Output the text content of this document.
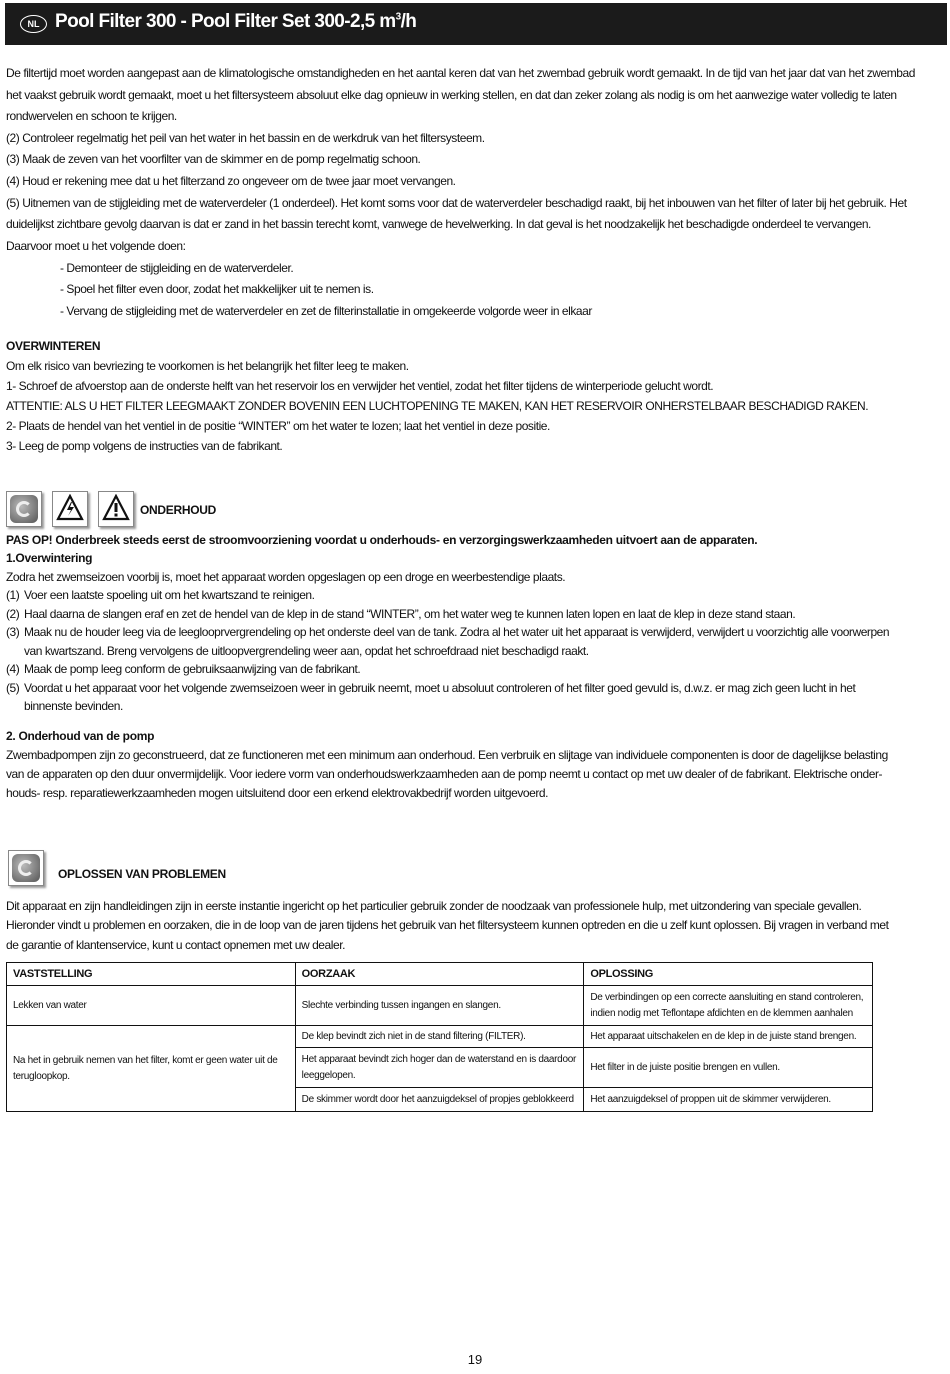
NL Pool Filter 300 - Pool Filter Set 300-2,5 $m^3/h$
De filtertijd moet worden aangepast aan de klimatologische omstandigheden en het aantal keren dat van het zwembad gebruik wordt gemaakt. In de tijd van het jaar dat van het zwembad
het vaakst gebruik wordt gemaakt, moet u het filtersysteem absoluut elke dag opnieuw in werking stellen, en dat dan zeker zolang als nodig is om het aanwezige water volledig te laten
rondwervelen en schoon te krijgen.
(2) Controleer regelmatig het peil van het water in het bassin en de werkdruk van het filtersysteem.
(3) Maak de zeven van het voorfilter van de skimmer en de pomp regelmatig schoon.
(4) Houd er rekening mee dat u het filterzand zo ongeveer om de twee jaar moet vervangen.
(5) Uitnemen van de stijgleiding met de waterverdeler (1 onderdeel). Het komt soms voor dat de waterverdeler beschadigd raakt, bij het inbouwen van het filter of later bij het gebruik. Het
duidelijkst zichtbare gevolg daarvan is dat er zand in het bassin terecht komt, vanwege de hevelwerking. In dat geval is het noodzakelijk het beschadigde onderdeel te vervangen.
Daarvoor moet u het volgende doen:
- Demonteer de stijgleiding en de waterverdeler.
- Spoel het filter even door, zodat het makkelijker uit te nemen is.
- Vervang de stijgleiding met de waterverdeler en zet de filterinstallatie in omgekeerde volgorde weer in elkaar
OVERWINTEREN
Om elk risico van bevriezing te voorkomen is het belangrijk het filter leeg te maken.
1- Schroef de afvoerstop aan de onderste helft van het reservoir los en verwijder het ventiel, zodat het filter tijdens de winterperiode gelucht wordt.
ATTENTIE: ALS U HET FILTER LEEGMAAKT ZONDER BOVENIN EEN LUCHTOPENING TE MAKEN, KAN HET RESERVOIR ONHERSTELBAAR BESCHADIGD RAKEN.
2- Plaats de hendel van het ventiel in de positie “WINTER” om het water te lozen; laat het ventiel in deze positie.
3- Leeg de pomp volgens de instructies van de fabrikant.
ONDERHOUD
PAS OP! Onderbreek steeds eerst de stroomvoorziening voordat u onderhouds- en verzorgingswerkzaamheden uitvoert aan de apparaten.
1.Overwintering
Zodra het zwemseizoen voorbij is, moet het apparaat worden opgeslagen op een droge en weerbestendige plaats.
(1) Voer een laatste spoeling uit om het kwartszand te reinigen.
(2) Haal daarna de slangen eraf en zet de hendel van de klep in de stand “WINTER”, om het water weg te kunnen laten lopen en laat de klep in deze stand staan.
(3) Maak nu de houder leeg via de leeglooprvergrendeling op het onderste deel van de tank. Zodra al het water uit het apparaat is verwijderd, verwijdert u voorzichtig alle voorwerpen
van kwartszand. Breng vervolgens de uitloopvergrendeling weer aan, opdat het schroefdraad niet beschadigd raakt.
(4) Maak de pomp leeg conform de gebruiksaanwijzing van de fabrikant.
(5) Voordat u het apparaat voor het volgende zwemseizoen weer in gebruik neemt, moet u absoluut controleren of het filter goed gevuld is, d.w.z. er mag zich geen lucht in het
binnenste bevinden.
2. Onderhoud van de pomp
Zwembadpompen zijn zo geconstrueerd, dat ze functioneren met een minimum aan onderhoud. Een verbruik en slijtage van individuele componenten is door de dagelijkse belasting
van de apparaten op den duur onvermijdelijk. Voor iedere vorm van onderhoudswerkzaamheden aan de pomp neemt u contact op met uw dealer of de fabrikant. Elektrische onder-
houds- resp. reparatiewerkzaamheden mogen uitsluitend door een erkend elektrovakbedrijf worden uitgevoerd.
OPLOSSEN VAN PROBLEMEN
Dit apparaat en zijn handleidingen zijn in eerste instantie ingericht op het particulier gebruik zonder de noodzaak van professionele hulp, met uitzondering van speciale gevallen.
Hieronder vindt u problemen en oorzaken, die in de loop van de jaren tijdens het gebruik van het filtersysteem kunnen optreden en die u zelf kunt oplossen. Bij vragen in verband met
de garantie of klantenservice, kunt u contact opnemen met uw dealer.
VASTSTELLING	OORZAAK	OPLOSSING
Lekken van water	Slechte verbinding tussen ingangen en slangen.	De verbindingen op een correcte aansluiting en stand controleren,
indien nodig met Teflontape afdichten en de klemmen aanhalen
Na het in gebruik nemen van het filter, komt er geen water uit de
terugloopkop.	De klep bevindt zich niet in de stand filtering (FILTER).	Het apparaat uitschakelen en de klep in de juiste stand brengen.
	Het apparaat bevindt zich hoger dan de waterstand en is daardoor
leeggelopen.	Het filter in de juiste positie brengen en vullen.
	De skimmer wordt door het aanzuigdeksel of propjes geblokkeerd	Het aanzuigdeksel of proppen uit de skimmer verwijderen.
19
